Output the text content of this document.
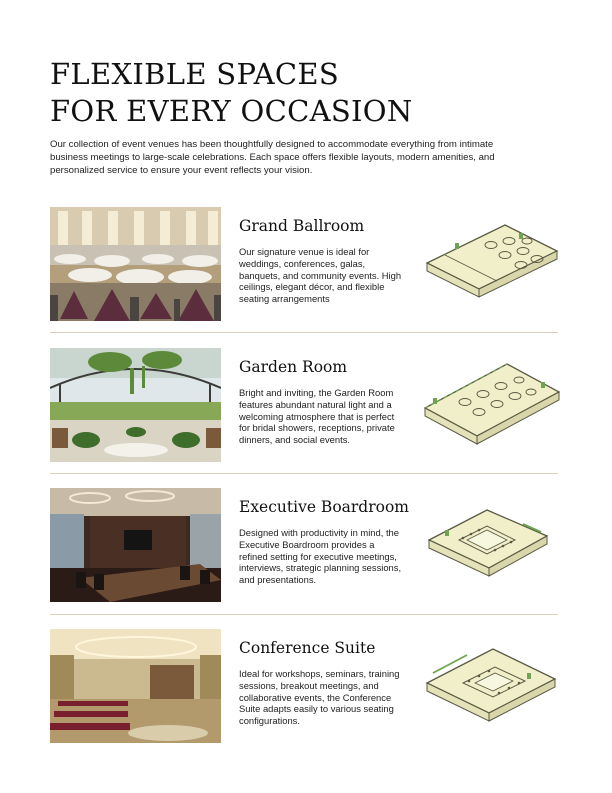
FLEXIBLE SPACES
FOR EVERY OCCASION

Our collection of event venues has been thoughtfully designed to accommodate everything from intimate business meetings to large-scale celebrations. Each space offers flexible layouts, modern amenities, and personalized service to ensure your event reflects your vision.

Grand Ballroom

Our signature venue is ideal for weddings, conferences, galas, banquets, and community events. High ceilings, elegant décor, and flexible seating arrangements

Garden Room

Bright and inviting, the Garden Room features abundant natural light and a welcoming atmosphere that is perfect for bridal showers, receptions, private dinners, and social events.

Executive Boardroom

Designed with productivity in mind, the Executive Boardroom provides a refined setting for executive meetings, interviews, strategic planning sessions, and presentations.

Conference Suite

Ideal for workshops, seminars, training sessions, breakout meetings, and collaborative events, the Conference Suite adapts easily to various seating configurations.
